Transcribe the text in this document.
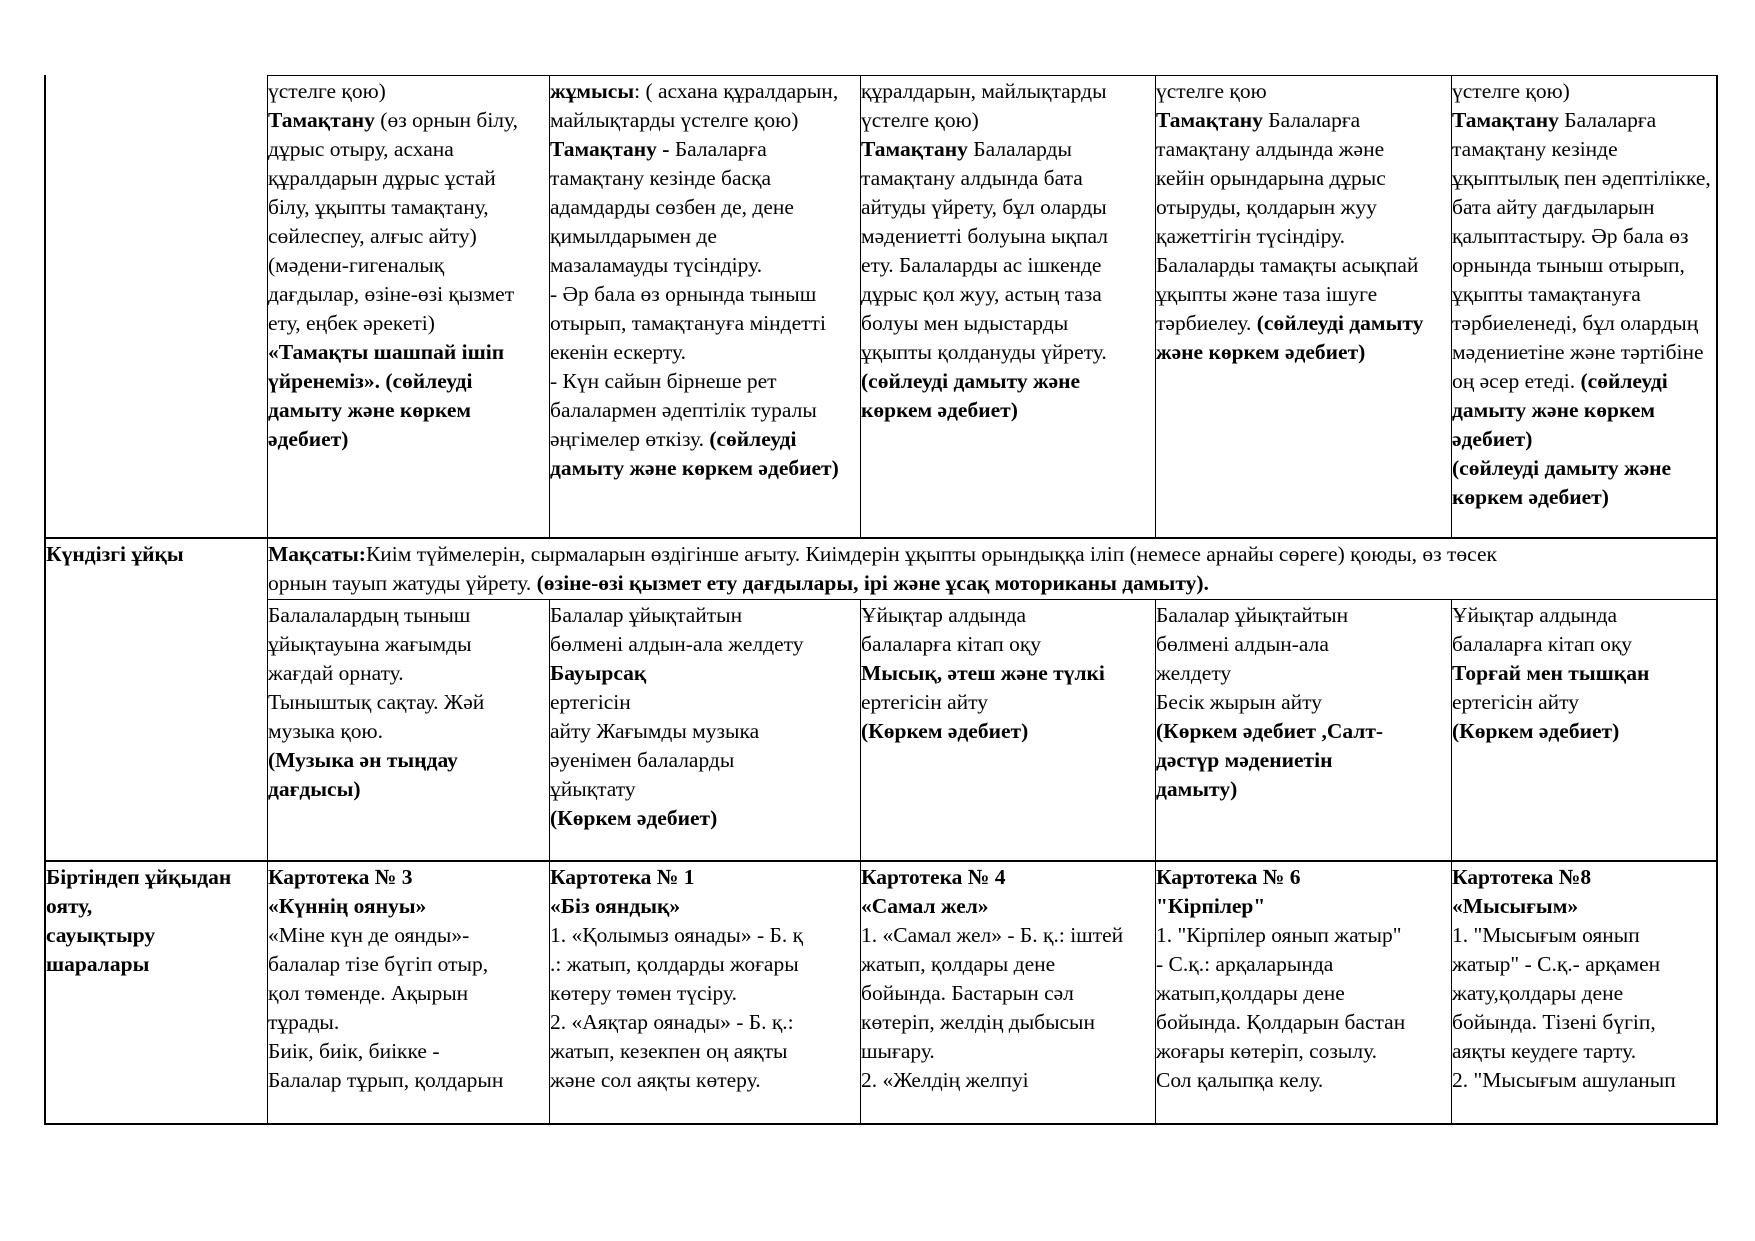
үстелге қою)

Тамақтану (өз орнын білу,

дұрыс отыру, асхана

құралдарын дұрыс ұстай

білу, ұқыпты тамақтану,

сөйлеспеу, алғыс айту)

(мәдени-гигеналық

дағдылар, өзіне-өзі қызмет

ету, еңбек әрекеті)

«Тамақты шашпай ішіп

үйренеміз». (сөйлеуді

дамыту және көркем

әдебиет)

жұмысы: ( асхана құралдарын,

майлықтарды үстелге қою)

Тамақтану - Балаларға

тамақтану кезінде басқа

адамдарды сөзбен де, дене

қимылдарымен де

мазаламауды түсіндіру.

- Әр бала өз орнында тыныш

отырып, тамақтануға міндетті

екенін ескерту.

- Күн сайын бірнеше рет

балалармен әдептілік туралы

әңгімелер өткізу. (сөйлеуді

дамыту және көркем әдебиет)

құралдарын, майлықтарды

үстелге қою)

Тамақтану Балаларды

тамақтану алдында бата

айтуды үйрету, бұл оларды

мәдениетті болуына ықпал

ету. Балаларды ас ішкенде

дұрыс қол жуу, астың таза

болуы мен ыдыстарды

ұқыпты қолдануды үйрету.

(сөйлеуді дамыту және

көркем әдебиет)

үстелге қою

Тамақтану Балаларға

тамақтану алдында және

кейін орындарына дұрыс

отыруды, қолдарын жуу

қажеттігін түсіндіру.

Балаларды тамақты асықпай

ұқыпты және таза ішуге

тәрбиелеу. (сөйлеуді дамыту

және көркем әдебиет)

үстелге қою)

Тамақтану Балаларға

тамақтану кезінде

ұқыптылық пен әдептілікке,

бата айту дағдыларын

қалыптастыру. Әр бала өз

орнында тыныш отырып,

ұқыпты тамақтануға

тәрбиеленеді, бұл олардың

мәдениетіне және тәртібіне

оң әсер етеді. (сөйлеуді

дамыту және көркем

әдебиет)

(сөйлеуді дамыту және

көркем әдебиет)

Күндізгі ұйқы	Мақсаты:Киім түймелерін, сырмаларын өздігінше ағыту. Киімдерін ұқыпты орындыққа іліп (немесе арнайы сөреге) қоюды, өз төсек

орнын тауып жатуды үйрету. (өзіне-өзі қызмет ету дағдылары, ірі және ұсақ моториканы дамыту).

Балалалардың тыныш

ұйықтауына жағымды

жағдай орнату.

Тыныштық сақтау. Жәй

музыка қою.

(Музыка ән тыңдау

дағдысы)

Балалар ұйықтайтын

бөлмені алдын-ала желдету

Бауырсақ

ертегісін

айту Жағымды музыка

әуенімен балаларды

ұйықтату

(Көркем әдебиет)

Ұйықтар алдында

балаларға кітап оқу

Мысық, әтеш және түлкі

ертегісін айту

(Көркем әдебиет)

Балалар ұйықтайтын

бөлмені алдын-ала

желдету

Бесік жырын айту

(Көркем әдебиет ,Салт-

дәстүр мәдениетін

дамыту)

Ұйықтар алдында

балаларға кітап оқу

Торғай мен тышқан

ертегісін айту

(Көркем әдебиет)

Біртіндеп ұйқыдан

ояту,

сауықтыру

шаралары

Картотека № 3

«Күннің оянуы»

«Міне күн де оянды»-

балалар тізе бүгіп отыр,

қол төменде. Ақырын

тұрады.

Биік, биік, биікке -

Балалар тұрып, қолдарын

Картотека № 1

«Біз ояндық»

1. «Қолымыз оянады» - Б. қ

.: жатып, қолдарды жоғары

көтеру төмен түсіру.

2. «Аяқтар оянады» - Б. қ.:

жатып, кезекпен оң аяқты

және сол аяқты көтеру.

Картотека № 4

«Самал жел»

1. «Самал жел» - Б. қ.: іштей

жатып, қолдары дене

бойында. Бастарын сәл

көтеріп, желдің дыбысын

шығару.

2. «Желдің желпуі

Картотека № 6

"Кірпілер"

1. "Кірпілер оянып жатыр"

- С.қ.: арқаларында

жатып,қолдары дене

бойында. Қолдарын бастан

жоғары көтеріп, созылу.

Сол қалыпқа келу.

Картотека №8

«Мысығым»

1. "Мысығым оянып

жатыр" - С.қ.- арқамен

жату,қолдары дене

бойында. Тізені бүгіп,

аяқты кеудеге тарту.

2. "Мысығым ашуланып
